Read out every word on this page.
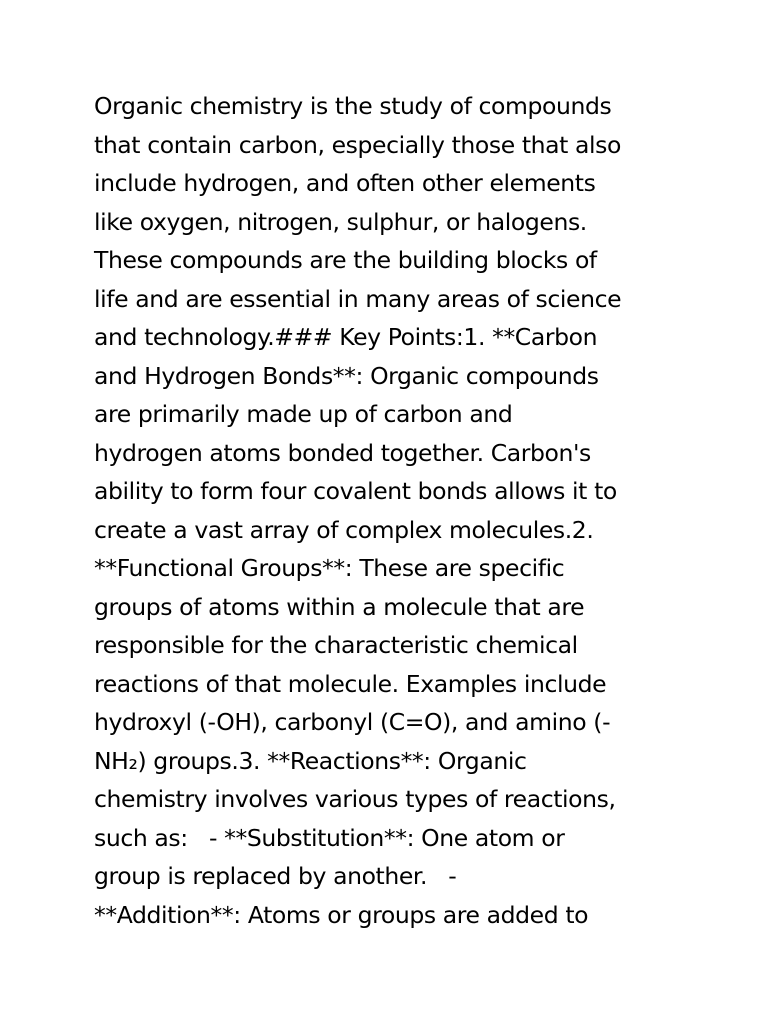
Organic chemistry is the study of compounds
that contain carbon, especially those that also
include hydrogen, and often other elements
like oxygen, nitrogen, sulphur, or halogens.
These compounds are the building blocks of
life and are essential in many areas of science
and technology.### Key Points:1. **Carbon
and Hydrogen Bonds**: Organic compounds
are primarily made up of carbon and
hydrogen atoms bonded together. Carbon's
ability to form four covalent bonds allows it to
create a vast array of complex molecules.2.
**Functional Groups**: These are specific
groups of atoms within a molecule that are
responsible for the characteristic chemical
reactions of that molecule. Examples include
hydroxyl (-OH), carbonyl (C=O), and amino (-
NH₂) groups.3. **Reactions**: Organic
chemistry involves various types of reactions,
such as:   - **Substitution**: One atom or
group is replaced by another.   -
**Addition**: Atoms or groups are added to
